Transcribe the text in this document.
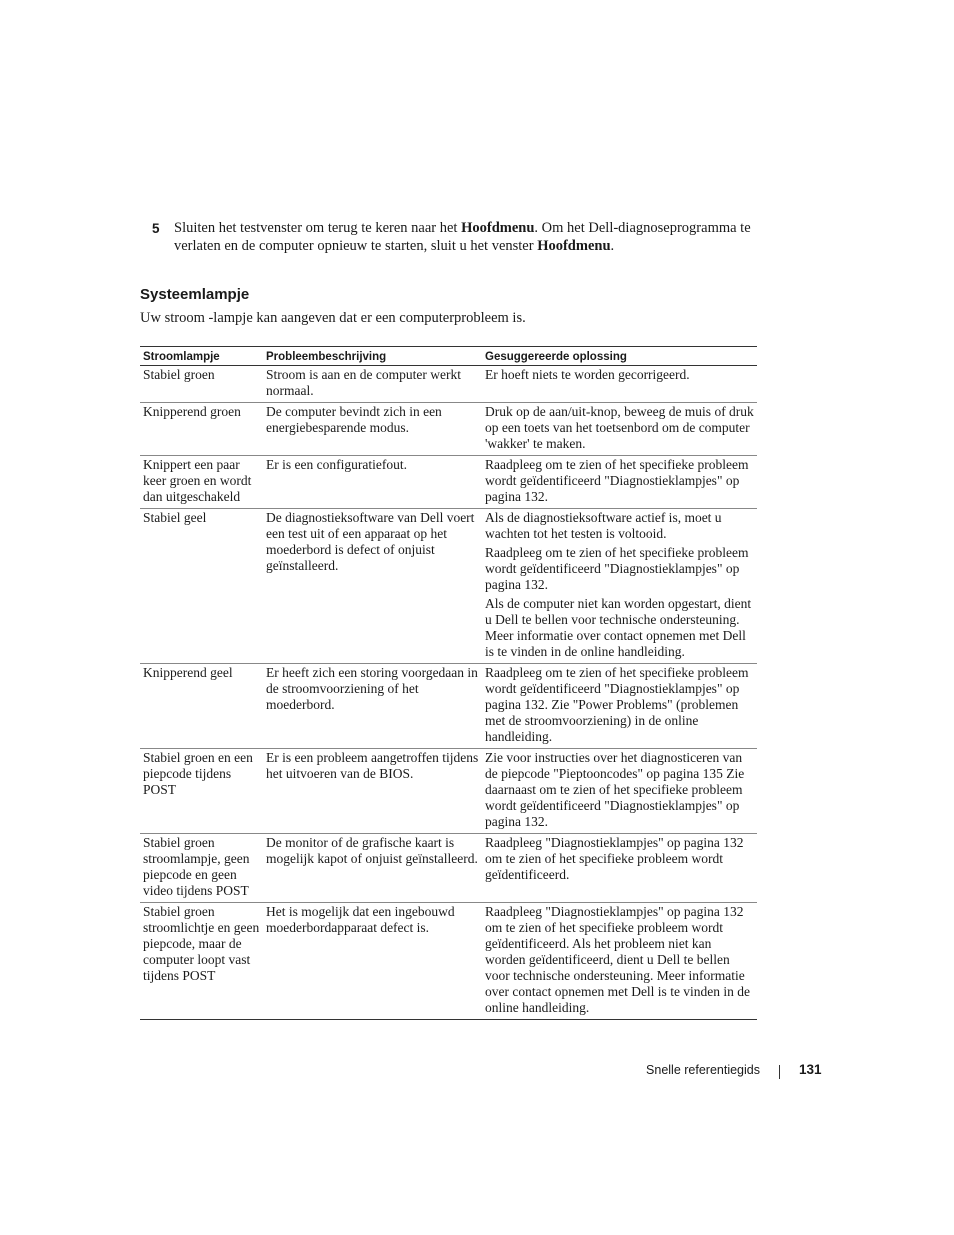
5 Sluiten het testvenster om terug te keren naar het Hoofdmenu. Om het Dell-diagnoseprogramma te verlaten en de computer opnieuw te starten, sluit u het venster Hoofdmenu.
Systeemlampje

Uw stroom -lampje kan aangeven dat er een computerprobleem is.

Stroomlampje	Probleembeschrijving	Gesuggereerde oplossing
Stabiel groen	Stroom is aan en de computer werkt normaal.	Er hoeft niets te worden gecorrigeerd.

Knipperend groen	De computer bevindt zich in een energiebesparende modus.	Druk op de aan/uit-knop, beweeg de muis of druk op een toets van het toetsenbord om de computer 'wakker' te maken.

Knippert een paar keer groen en wordt dan uitgeschakeld	Er is een configuratiefout.	Raadpleeg om te zien of het specifieke probleem wordt geïdentificeerd "Diagnostieklampjes" op pagina 132.

Stabiel geel	De diagnostieksoftware van Dell voert een test uit of een apparaat op het moederbord is defect of onjuist geïnstalleerd.	Als de diagnostieksoftware actief is, moet u wachten tot het testen is voltooid.

Raadpleeg om te zien of het specifieke probleem wordt geïdentificeerd "Diagnostieklampjes" op pagina 132.

Als de computer niet kan worden opgestart, dient u Dell te bellen voor technische ondersteuning. Meer informatie over contact opnemen met Dell is te vinden in de online handleiding.

Knipperend geel	Er heeft zich een storing voorgedaan in de stroomvoorziening of het moederbord.	Raadpleeg om te zien of het specifieke probleem wordt geïdentificeerd "Diagnostieklampjes" op pagina 132. Zie "Power Problems" (problemen met de stroomvoorziening) in de online handleiding.

Stabiel groen en een piepcode tijdens POST	Er is een probleem aangetroffen tijdens het uitvoeren van de BIOS.	Zie voor instructies over het diagnosticeren van de piepcode "Pieptooncodes" op pagina 135 Zie daarnaast om te zien of het specifieke probleem wordt geïdentificeerd "Diagnostieklampjes" op pagina 132.

Stabiel groen stroomlampje, geen piepcode en geen video tijdens POST	De monitor of de grafische kaart is mogelijk kapot of onjuist geïnstalleerd.	Raadpleeg "Diagnostieklampjes" op pagina 132 om te zien of het specifieke probleem wordt geïdentificeerd.

Stabiel groen stroomlichtje en geen piepcode, maar de computer loopt vast tijdens POST	Het is mogelijk dat een ingebouwd moederbordapparaat defect is.	Raadpleeg "Diagnostieklampjes" op pagina 132 om te zien of het specifieke probleem wordt geïdentificeerd. Als het probleem niet kan worden geïdentificeerd, dient u Dell te bellen voor technische ondersteuning. Meer informatie over contact opnemen met Dell is te vinden in de online handleiding.

Snelle referentiegids	131
